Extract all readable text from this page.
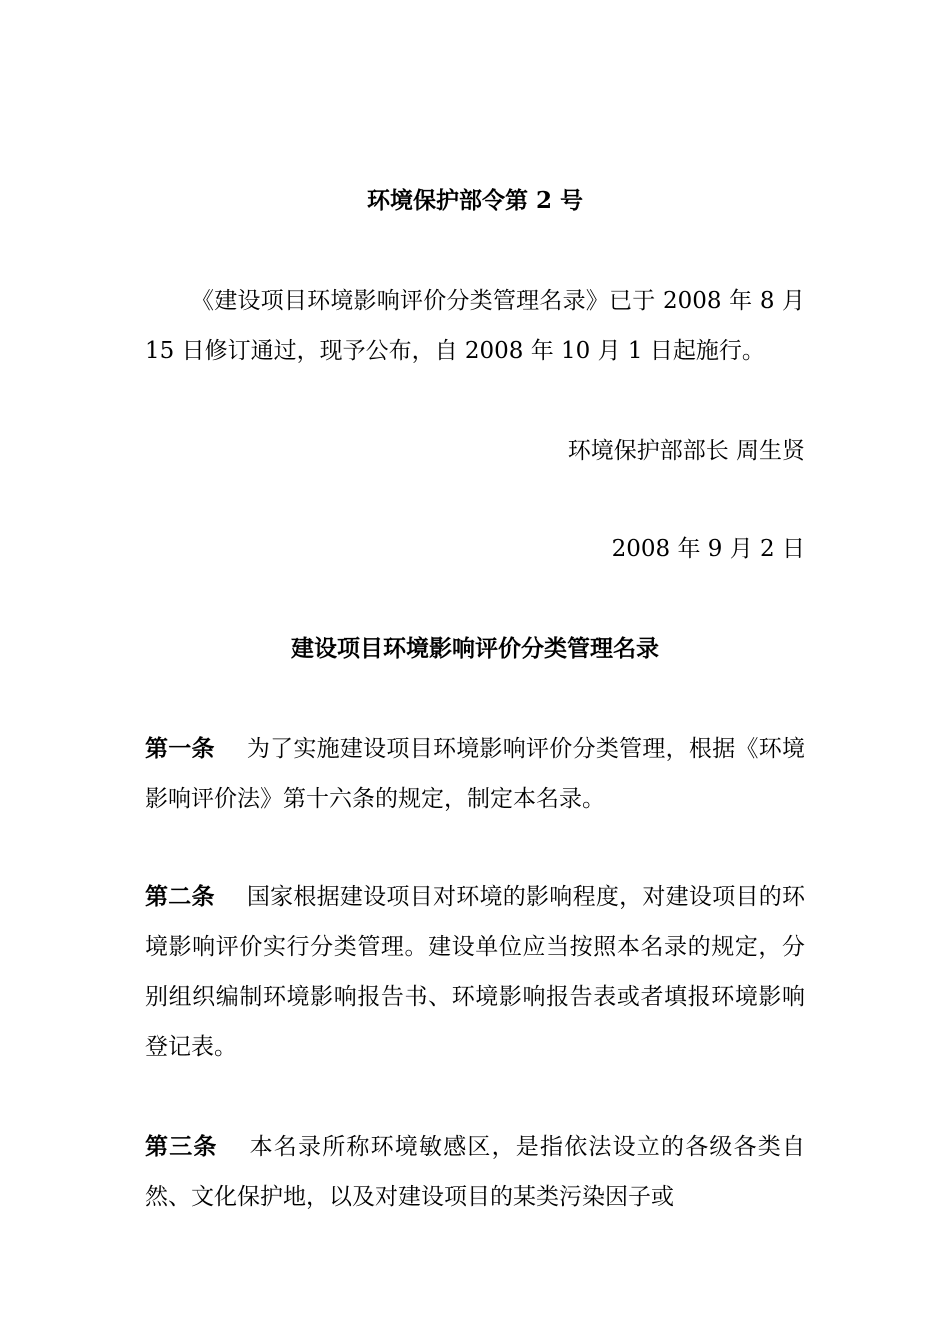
环境保护部令第 2 号
《建设项目环境影响评价分类管理名录》已于 2008 年 8 月 15 日修订通过，现予公布，自 2008 年 10 月 1 日起施行。
环境保护部部长 周生贤
2008 年 9 月 2 日
建设项目环境影响评价分类管理名录
第一条 为了实施建设项目环境影响评价分类管理，根据《环境影响评价法》第十六条的规定，制定本名录。
第二条 国家根据建设项目对环境的影响程度，对建设项目的环境影响评价实行分类管理。建设单位应当按照本名录的规定，分别组织编制环境影响报告书、环境影响报告表或者填报环境影响登记表。
第三条 本名录所称环境敏感区，是指依法设立的各级各类自然、文化保护地，以及对建设项目的某类污染因子或
